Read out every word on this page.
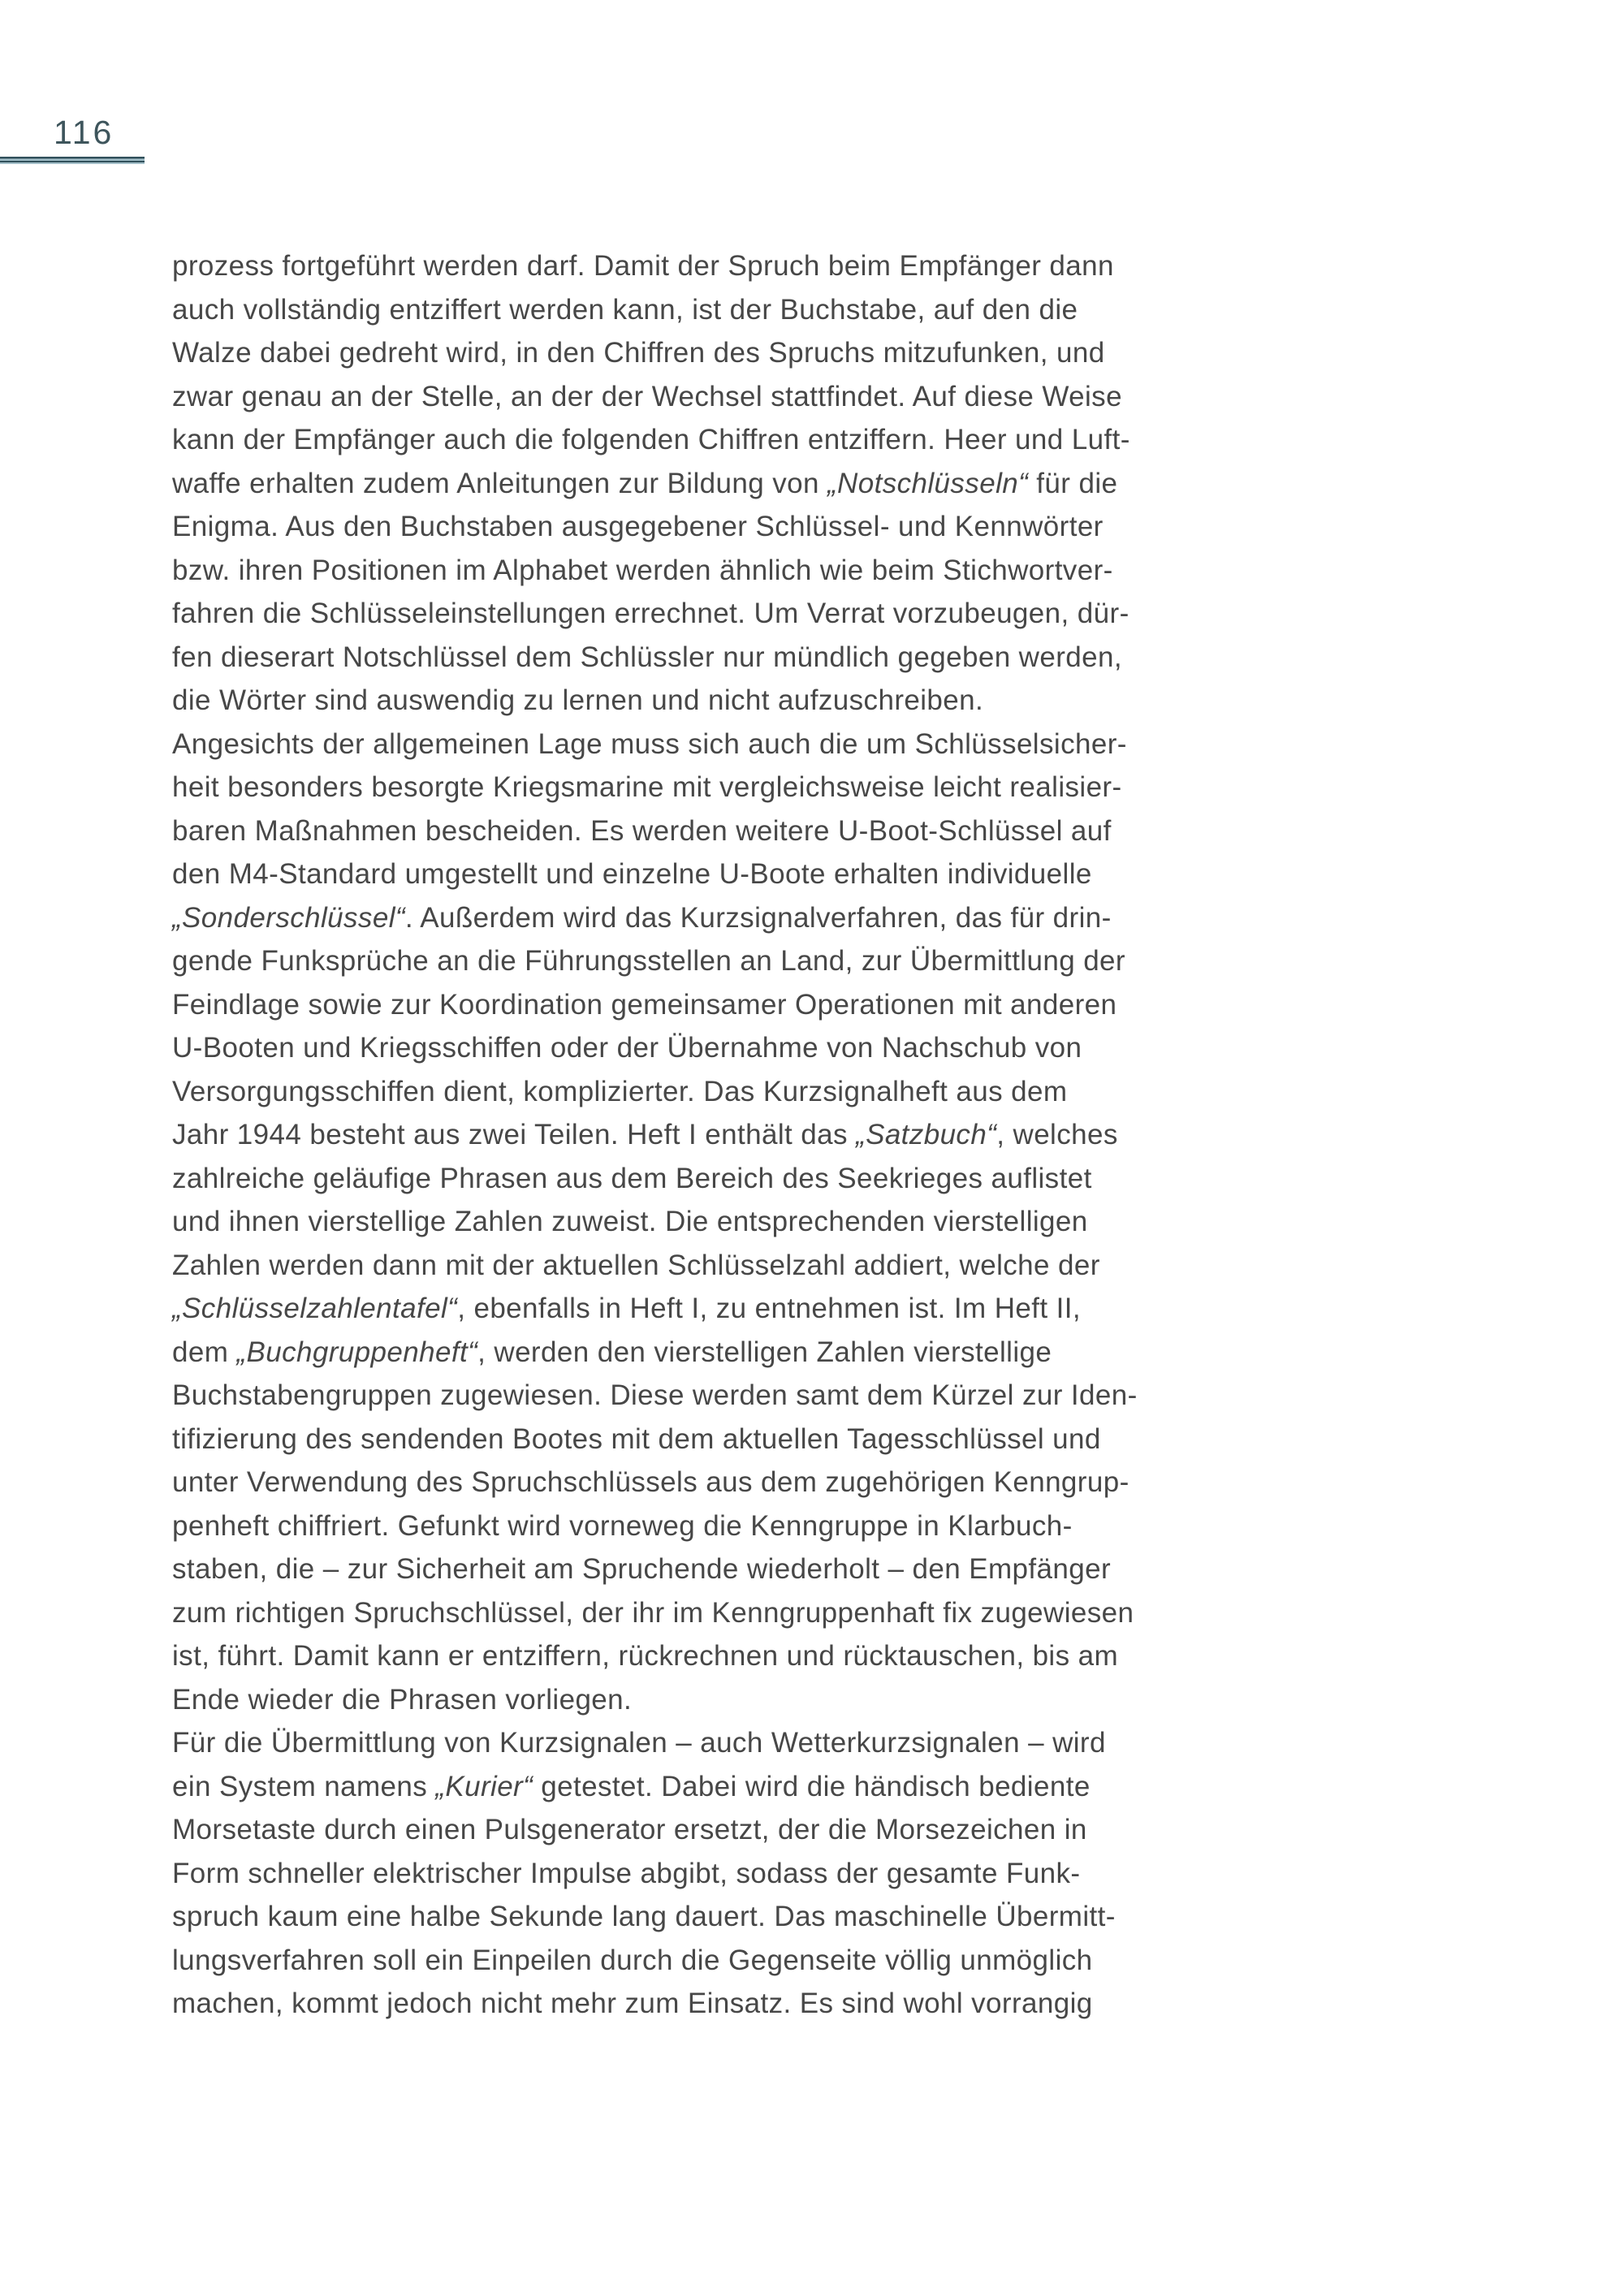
116
prozess fortgeführt werden darf. Damit der Spruch beim Empfänger dann
auch vollständig entziffert werden kann, ist der Buchstabe, auf den die
Walze dabei gedreht wird, in den Chiffren des Spruchs mitzufunken, und
zwar genau an der Stelle, an der der Wechsel stattfindet. Auf diese Weise
kann der Empfänger auch die folgenden Chiffren entziffern. Heer und Luft-
waffe erhalten zudem Anleitungen zur Bildung von „Notschlüsseln“ für die
Enigma. Aus den Buchstaben ausgegebener Schlüssel- und Kennwörter
bzw. ihren Positionen im Alphabet werden ähnlich wie beim Stichwortver-
fahren die Schlüsseleinstellungen errechnet. Um Verrat vorzubeugen, dür-
fen dieserart Notschlüssel dem Schlüssler nur mündlich gegeben werden,
die Wörter sind auswendig zu lernen und nicht aufzuschreiben.
Angesichts der allgemeinen Lage muss sich auch die um Schlüsselsicher-
heit besonders besorgte Kriegsmarine mit vergleichsweise leicht realisier-
baren Maßnahmen bescheiden. Es werden weitere U-Boot-Schlüssel auf
den M4-Standard umgestellt und einzelne U-Boote erhalten individuelle
„Sonderschlüssel“. Außerdem wird das Kurzsignalverfahren, das für drin-
gende Funksprüche an die Führungsstellen an Land, zur Übermittlung der
Feindlage sowie zur Koordination gemeinsamer Operationen mit anderen
U-Booten und Kriegsschiffen oder der Übernahme von Nachschub von
Versorgungsschiffen dient, komplizierter. Das Kurzsignalheft aus dem
Jahr 1944 besteht aus zwei Teilen. Heft I enthält das „Satzbuch“, welches
zahlreiche geläufige Phrasen aus dem Bereich des Seekrieges auflistet
und ihnen vierstellige Zahlen zuweist. Die entsprechenden vierstelligen
Zahlen werden dann mit der aktuellen Schlüsselzahl addiert, welche der
„Schlüsselzahlentafel“, ebenfalls in Heft I, zu entnehmen ist. Im Heft II,
dem „Buchgruppenheft“, werden den vierstelligen Zahlen vierstellige
Buchstabengruppen zugewiesen. Diese werden samt dem Kürzel zur Iden-
tifizierung des sendenden Bootes mit dem aktuellen Tagesschlüssel und
unter Verwendung des Spruchschlüssels aus dem zugehörigen Kenngrup-
penheft chiffriert. Gefunkt wird vorneweg die Kenngruppe in Klarbuch-
staben, die – zur Sicherheit am Spruchende wiederholt – den Empfänger
zum richtigen Spruchschlüssel, der ihr im Kenngruppenhaft fix zugewiesen
ist, führt. Damit kann er entziffern, rückrechnen und rücktauschen, bis am
Ende wieder die Phrasen vorliegen.
Für die Übermittlung von Kurzsignalen – auch Wetterkurzsignalen – wird
ein System namens „Kurier“ getestet. Dabei wird die händisch bediente
Morsetaste durch einen Pulsgenerator ersetzt, der die Morsezeichen in
Form schneller elektrischer Impulse abgibt, sodass der gesamte Funk-
spruch kaum eine halbe Sekunde lang dauert. Das maschinelle Übermitt-
lungsverfahren soll ein Einpeilen durch die Gegenseite völlig unmöglich
machen, kommt jedoch nicht mehr zum Einsatz. Es sind wohl vorrangig
